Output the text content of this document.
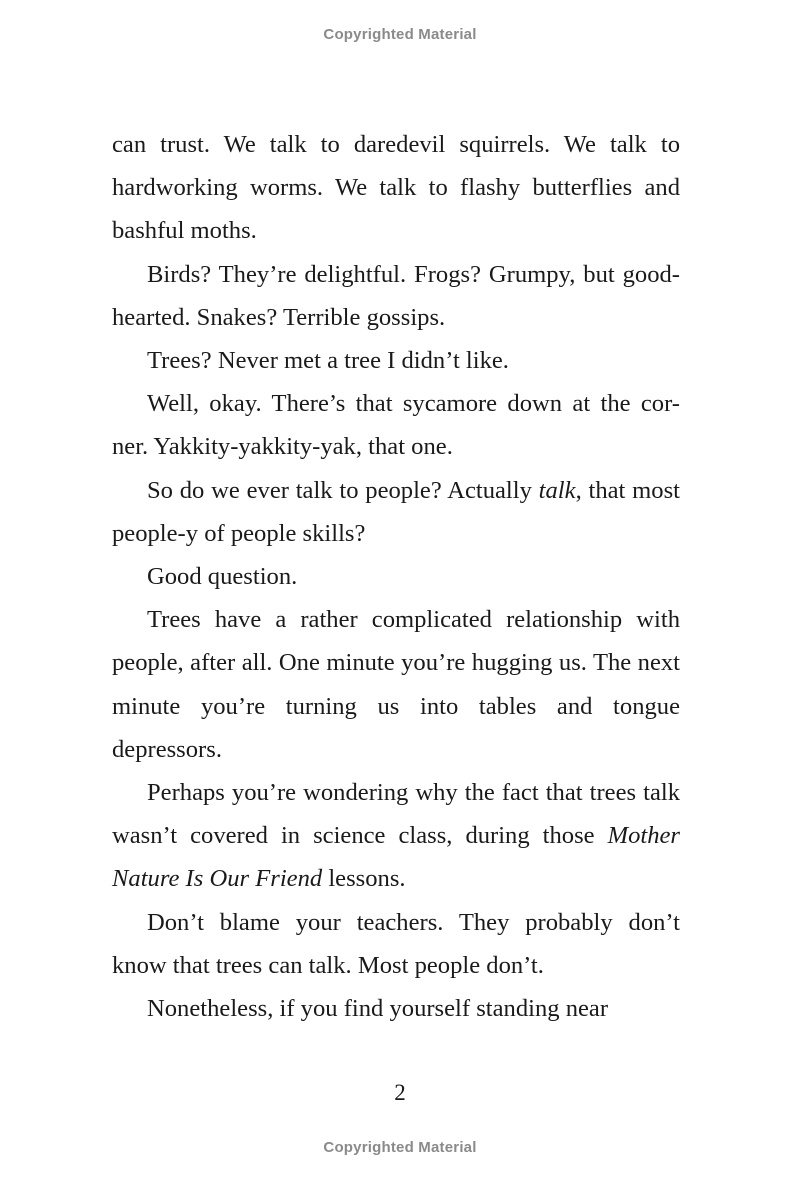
Copyrighted Material

can trust. We talk to daredevil squirrels. We talk to hardworking worms. We talk to flashy butterflies and bashful moths.

Birds? They’re delightful. Frogs? Grumpy, but good-hearted. Snakes? Terrible gossips.

Trees? Never met a tree I didn’t like.

Well, okay. There’s that sycamore down at the cor-ner. Yakkity-yakkity-yak, that one.

So do we ever talk to people? Actually talk, that most people-y of people skills?

Good question.

Trees have a rather complicated relationship with people, after all. One minute you’re hugging us. The next minute you’re turning us into tables and tongue depressors.

Perhaps you’re wondering why the fact that trees talk wasn’t covered in science class, during those Mother Nature Is Our Friend lessons.

Don’t blame your teachers. They probably don’t know that trees can talk. Most people don’t.

Nonetheless, if you find yourself standing near

2
Copyrighted Material
